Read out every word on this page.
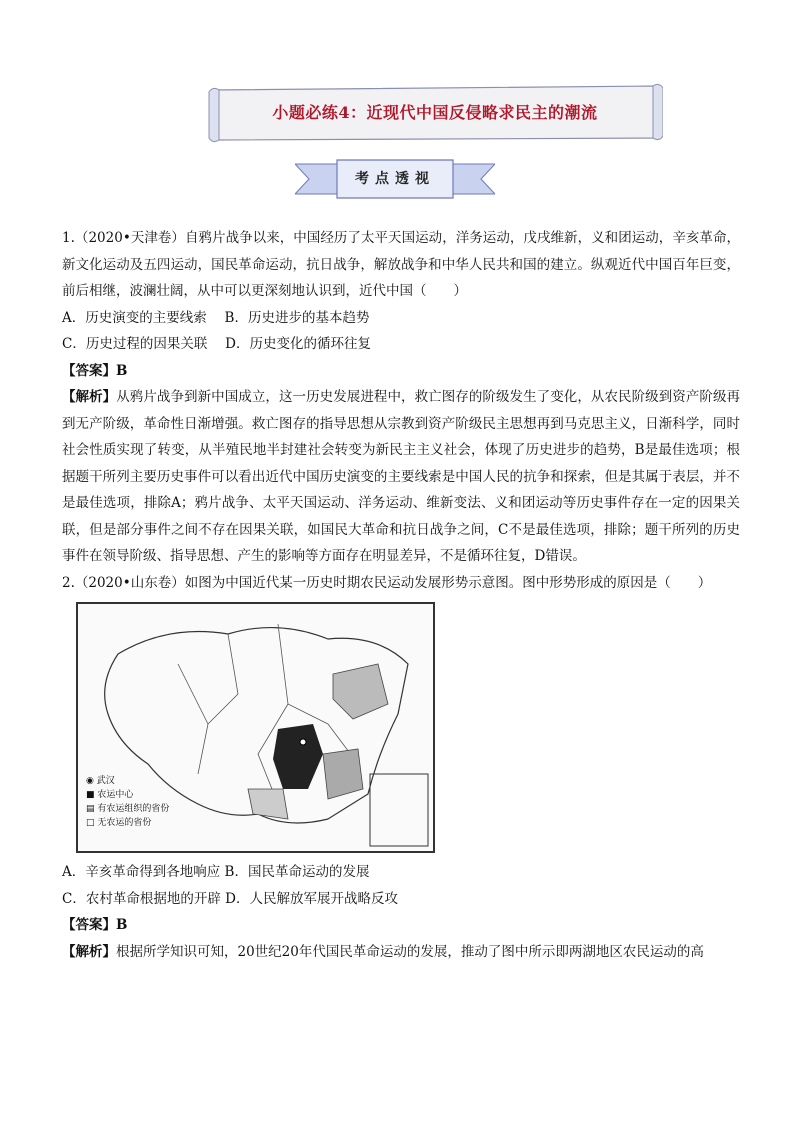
小题必练4：近现代中国反侵略求民主的潮流
考点透视

1.（2020•天津卷）自鸦片战争以来，中国经历了太平天国运动，洋务运动，戊戌维新，义和团运动，辛亥革命，新文化运动及五四运动，国民革命运动，抗日战争，解放战争和中华人民共和国的建立。纵观近代中国百年巨变，前后相继，波澜壮阔，从中可以更深刻地认识到，近代中国（　　）

A．历史演变的主要线索　 B．历史进步的基本趋势

C．历史过程的因果关联　 D．历史变化的循环往复

【答案】B

【解析】从鸦片战争到新中国成立，这一历史发展进程中，救亡图存的阶级发生了变化，从农民阶级到资产阶级再到无产阶级，革命性日渐增强。救亡图存的指导思想从宗教到资产阶级民主思想再到马克思主义，日渐科学，同时社会性质实现了转变，从半殖民地半封建社会转变为新民主主义社会，体现了历史进步的趋势，B是最佳选项；根据题干所列主要历史事件可以看出近代中国历史演变的主要线索是中国人民的抗争和探索，但是其属于表层，并不是最佳选项，排除A；鸦片战争、太平天国运动、洋务运动、维新变法、义和团运动等历史事件存在一定的因果关联，但是部分事件之间不存在因果关联，如国民大革命和抗日战争之间，C不是最佳选项，排除；题干所列的历史事件在领导阶级、指导思想、产生的影响等方面存在明显差异，不是循环往复，D错误。

2.（2020•山东卷）如图为中国近代某一历史时期农民运动发展形势示意图。图中形势形成的原因是（　　）

◉ 武汉
■ 农运中心
▤ 有农运组织的省份
□ 无农运的省份

A．辛亥革命得到各地响应 B．国民革命运动的发展

C．农村革命根据地的开辟 D．人民解放军展开战略反攻

【答案】B

【解析】根据所学知识可知，20世纪20年代国民革命运动的发展，推动了图中所示即两湖地区农民运动的高
